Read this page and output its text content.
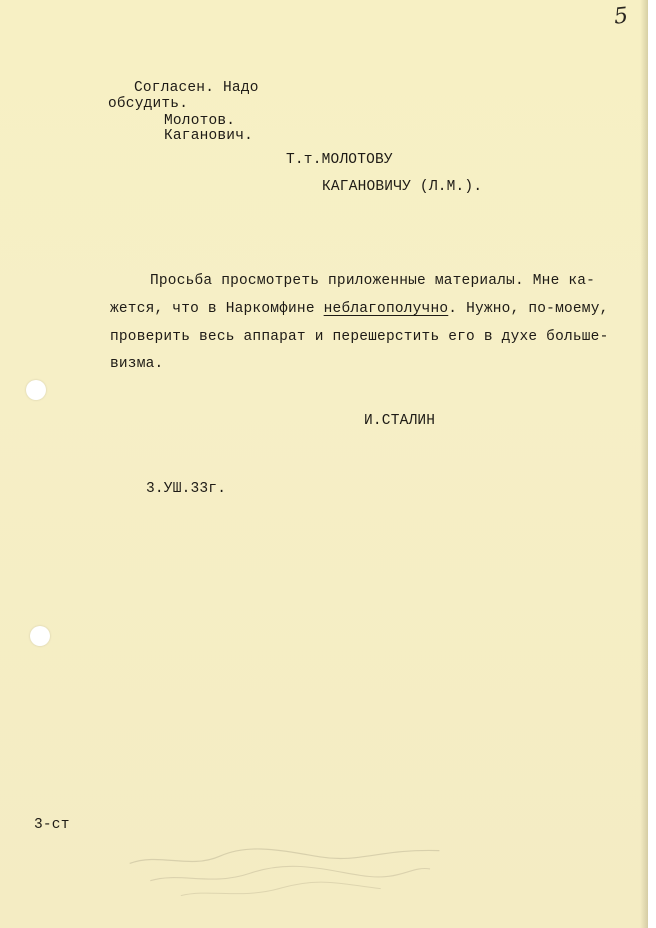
5
Согласен. Надо
обсудить.
Молотов.
Каганович.
Т.т.МОЛОТОВУ
КАГАНОВИЧУ (Л.М.).
Просьба просмотреть приложенные материалы. Мне ка-
жется, что в Наркомфине неблагополучно. Нужно, по-моему,
проверить весь аппарат и перешерстить его в духе больше-
визма.
И.СТАЛИН
3.УШ.33г.
3-ст
